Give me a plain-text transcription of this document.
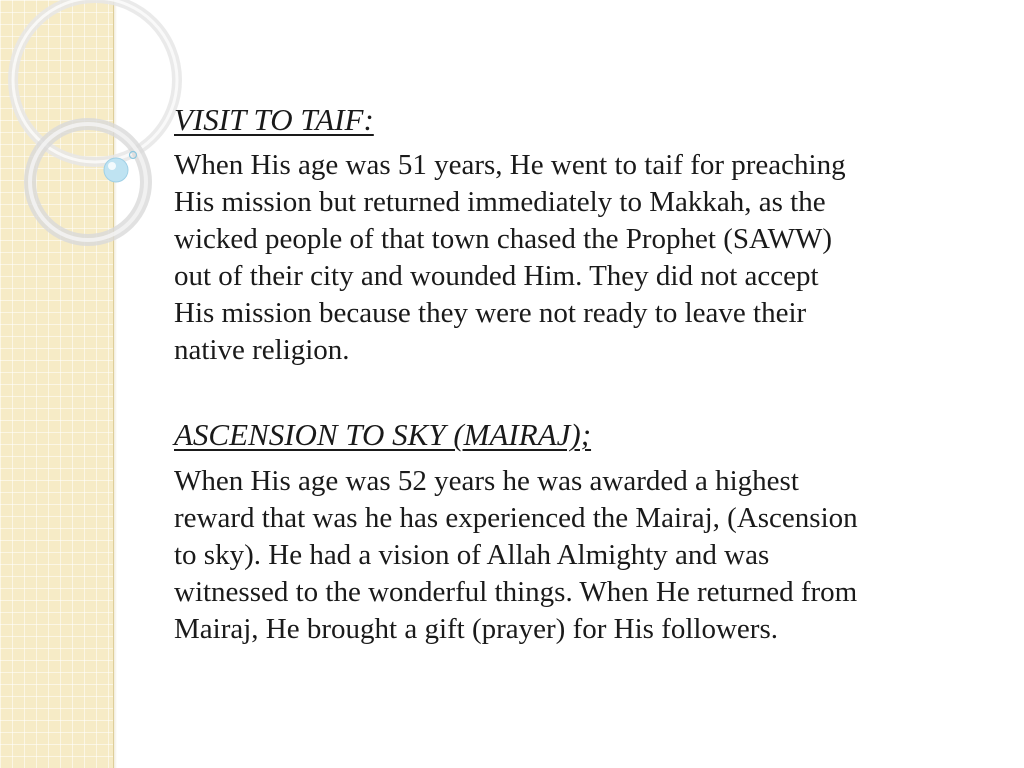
VISIT TO TAIF:

When His age was 51 years, He went to taif for preaching
His mission but returned immediately to Makkah, as the
wicked people of that town chased the Prophet (SAWW)
out of their city and wounded Him. They did not accept
His mission because they were not ready to leave their
native religion.

ASCENSION TO SKY (MAIRAJ);

When His age was 52 years he was awarded a highest
reward that was he has experienced the Mairaj, (Ascension
to sky). He had a vision of Allah Almighty and was
witnessed to the wonderful things. When He returned from
Mairaj, He brought a gift (prayer) for His followers.
